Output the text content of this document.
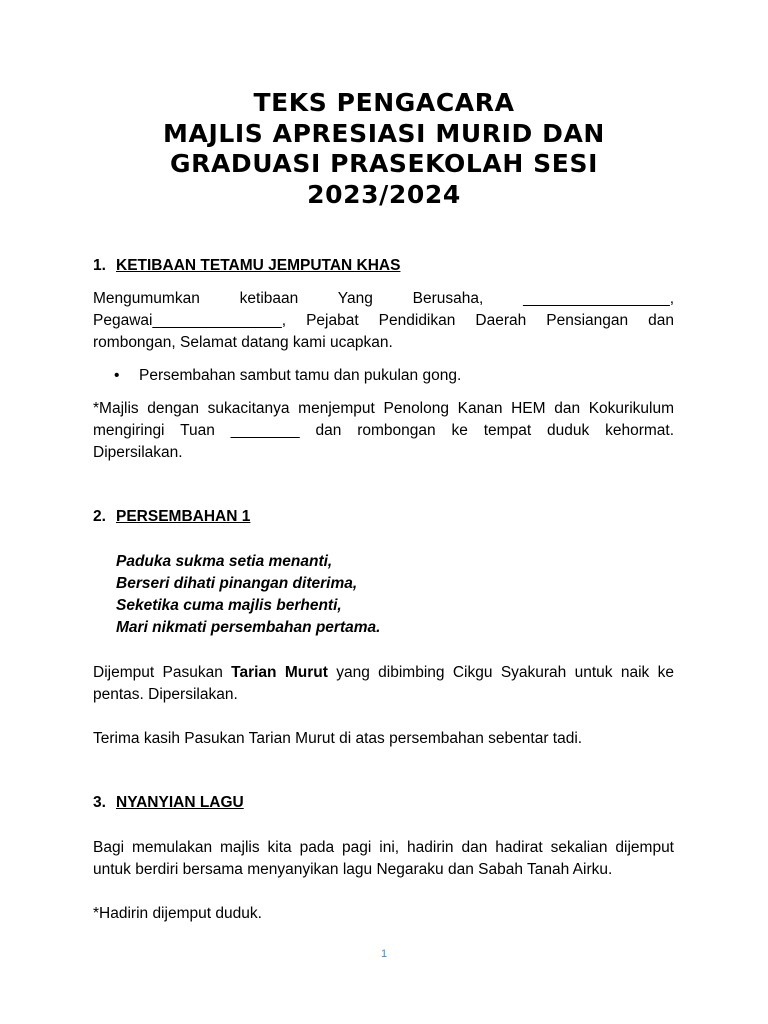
TEKS PENGACARA
MAJLIS APRESIASI MURID DAN
GRADUASI PRASEKOLAH SESI
2023/2024
1. KETIBAAN TETAMU JEMPUTAN KHAS

Mengumumkan ketibaan Yang Berusaha, _________________, Pegawai_______________, Pejabat Pendidikan Daerah Pensiangan dan rombongan, Selamat datang kami ucapkan.

•	Persembahan sambut tamu dan pukulan gong.

*Majlis dengan sukacitanya menjemput Penolong Kanan HEM dan Kokurikulum mengiringi Tuan ________ dan rombongan ke tempat duduk kehormat. Dipersilakan.

2. PERSEMBAHAN 1
Paduka sukma setia menanti,
Berseri dihati pinangan diterima,
Seketika cuma majlis berhenti,
Mari nikmati persembahan pertama.

Dijemput Pasukan Tarian Murut yang dibimbing Cikgu Syakurah untuk naik ke pentas. Dipersilakan.

Terima kasih Pasukan Tarian Murut di atas persembahan sebentar tadi.

3. NYANYIAN LAGU

Bagi memulakan majlis kita pada pagi ini, hadirin dan hadirat sekalian dijemput untuk berdiri bersama menyanyikan lagu Negaraku dan Sabah Tanah Airku.

*Hadirin dijemput duduk.

1
